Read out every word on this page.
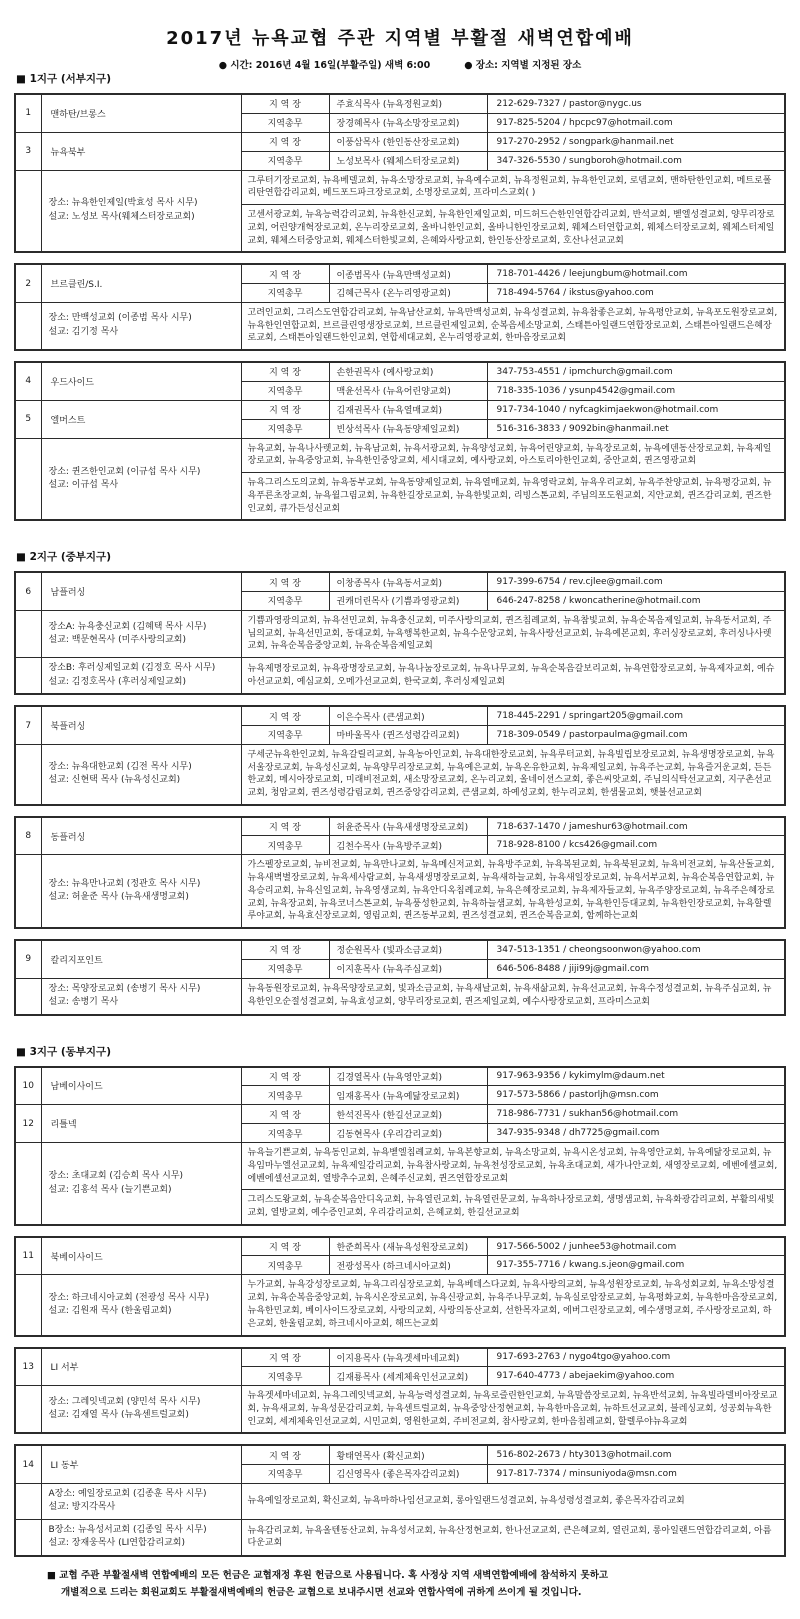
2017년 뉴욕교협 주관 지역별 부활절 새벽연합예배
● 시간: 2016년 4월 16일(부활주일) 새벽 6:00	● 장소: 지역별 지정된 장소
■ 1지구 (서부지구)
1	맨하탄/브롱스	지 역 장	주효식목사 (뉴욕정원교회)	212-629-7327 / pastor@nygc.us
		지역총무	장경혜목사 (뉴욕소망장로교회)	917-825-5204 / hpcpc97@hotmail.com
3	뉴욕북부	지 역 장	이풍삼목사 (한인동산장로교회)	917-270-2952 / songpark@hanmail.net
		지역총무	노성보목사 (웨체스터장로교회)	347-326-5530 / sungboroh@hotmail.com

	장소: 뉴욕한인제일(박효성 목사 시무)
설교: 노성보 목사(웨체스터장로교회)	그루터기장로교회, 뉴욕베델교회, 뉴욕소망장로교회, 뉴욕예수교회, 뉴욕정원교회, 뉴욕한인교회, 로뎀교회, 맨하탄한인교회, 메트로폴리탄연합감리교회, 베드포드파크장로교회, 소명장로교회, 프라미스교회( )		
		고센서광교회, 뉴욕능력감리교회, 뉴욕한신교회, 뉴욕한인제일교회, 미드허드슨한인연합감리교회, 반석교회, 벧엘성결교회, 양무리장로교회, 어린양개혁장로교회, 온누리장로교회, 올바니한인교회, 올바니한인장로교회, 웨체스터연합교회, 웨체스터장로교회, 웨체스터제일교회, 웨체스터중앙교회, 웨체스터한빛교회, 은혜와사랑교회, 한인동산장로교회, 호산나선교교회		
2	브르클린/S.I.	지 역 장	이종범목사 (뉴욕만백성교회)	718-701-4426 / leejungbum@hotmail.com
		지역총무	김혜근목사 (온누리영광교회)	718-494-5764 / ikstus@yahoo.com

	장소: 만백성교회 (이종범 목사 시무)
설교: 김기정 목사	고려인교회, 그리스도연합감리교회, 뉴욕남산교회, 뉴욕만백성교회, 뉴욕성결교회, 뉴욕참좋은교회, 뉴욕평안교회, 뉴욕포도원장로교회, 뉴욕한인연합교회, 브르클린영생장로교회, 브르클린제일교회, 순복음세소망교회, 스태튼아일랜드연합장로교회, 스태튼아일랜드은혜장로교회, 스태튼아일랜드한인교회, 연합세대교회, 온누리영광교회, 한마음장로교회		
4	우드사이드	지 역 장	손한권목사 (예사랑교회)	347-753-4551 / ipmchurch@gmail.com
		지역총무	맥윤선목사 (뉴욕어린양교회)	718-335-1036 / ysunp4542@gmail.com
5	엘머스트	지 역 장	김재권목사 (뉴욕열매교회)	917-734-1040 / nyfcagkimjaekwon@hotmail.com
		지역총무	빈상석목사 (뉴욕동양제일교회)	516-316-3833 / 9092bin@hanmail.net

	장소: 퀸즈한인교회 (이규섭 목사 시무)
설교: 이규섭 목사	뉴욕교회, 뉴욕나사렛교회, 뉴욕남교회, 뉴욕서광교회, 뉴욕양성교회, 뉴욕어린양교회, 뉴욕장로교회, 뉴욕에덴동산장로교회, 뉴욕제일장로교회, 뉴욕중앙교회, 뉴욕한인중앙교회, 세시대교회, 예사랑교회, 아스토리아한인교회, 중안교회, 퀸즈영광교회		
		뉴욕그리스도의교회, 뉴욕동부교회, 뉴욕동양제일교회, 뉴욕열매교회, 뉴욕영락교회, 뉴욕우리교회, 뉴욕주찬양교회, 뉴욕평강교회, 뉴욕푸른초장교회, 뉴욕윌그림교회, 뉴욕한길장로교회, 뉴욕한빛교회, 리빙스톤교회, 주님의포도원교회, 지안교회, 퀸즈감리교회, 퀸즈한인교회, 큐가든성신교회		
■ 2지구 (중부지구)
6	남플러싱	지 역 장	이창종목사 (뉴욕동서교회)	917-399-6754 / rev.cjlee@gmail.com
		지역총무	권캐더린목사 (기쁨과영광교회)	646-247-8258 / kwoncatherine@hotmail.com

	장소A: 뉴욕충신교회 (김혜택 목사 시무)
설교: 백문현목사 (미주사랑의교회)	기쁨과영광의교회, 뉴욕선민교회, 뉴욕충신교회, 미주사랑의교회, 퀸즈침례교회, 뉴욕참빛교회, 뉴욕순복음제일교회, 뉴욕동서교회, 주님의교회, 뉴욕선민교회, 동대교회, 뉴욕행복한교회, 뉴욕수문앙교회, 뉴욕사랑선교교회, 뉴욕예본교회, 후러싱장로교회, 후러싱나사렛교회, 뉴욕순복음중앙교회, 뉴욕순복음제일교회		

	장소B: 후러싱제일교회 (김정호 목사 시무)
설교: 김정호목사 (후러싱제일교회)	뉴욕제명장로교회, 뉴욕광명장로교회, 뉴욕나눔장로교회, 뉴욕나무교회, 뉴욕순복음갈보리교회, 뉴욕연합장로교회, 뉴욕제자교회, 예슈아선교교회, 예심교회, 오메가선교교회, 한국교회, 후러싱제일교회		
7	북플러싱	지 역 장	이은수목사 (큰샘교회)	718-445-2291 / springart205@gmail.com
		지역총무	마바울목사 (퀸즈성령감리교회)	718-309-0549 / pastorpaulma@gmail.com

	장소: 뉴욕대한교회 (김전 목사 시무)
설교: 신현택 목사 (뉴욕성신교회)	구세군뉴욕한인교회, 뉴욕갈릴리교회, 뉴욕농아인교회, 뉴욕대한장로교회, 뉴욕루터교회, 뉴욕빌립보장로교회, 뉴욕생명장로교회, 뉴욕서울장로교회, 뉴욕성신교회, 뉴욕양무리장로교회, 뉴욕예은교회, 뉴욕온유한교회, 뉴욕제일교회, 뉴욕주는교회, 뉴욕즐거운교회, 든든한교회, 메시아장로교회, 미래비전교회, 새소망장로교회, 온누리교회, 올네이션스교회, 좋은씨앗교회, 주님의식탁선교교회, 지구촌선교교회, 청암교회, 퀸즈성령감림교회, 퀸즈중앙감리교회, 큰샘교회, 하예성교회, 한누리교회, 한샘물교회, 햇불선교교회		
8	동플러싱	지 역 장	허윤준목사 (뉴욕새생명장로교회)	718-637-1470 / jameshur63@hotmail.com
		지역총무	김천수목사 (뉴욕방주교회)	718-928-8100 / kcs426@gmail.com

	장소: 뉴욕만나교회 (정관호 목사 시무)
설교: 허윤준 목사 (뉴욕새생명교회)	가스펠장로교회, 뉴비전교회, 뉴욕만나교회, 뉴욕메신저교회, 뉴욕방주교회, 뉴욕복된교회, 뉴욕북된교회, 뉴욕비전교회, 뉴욕산돌교회, 뉴욕새벽별장로교회, 뉴욕세사람교회, 뉴욕새생명장로교회, 뉴욕새하늘교회, 뉴욕새일장로교회, 뉴욕서부교회, 뉴욕순복음연합교회, 뉴욕승리교회, 뉴욕신일교회, 뉴욕영생교회, 뉴욕안디옥침례교회, 뉴욕은혜장로교회, 뉴욕제자들교회, 뉴욕주양장로교회, 뉴욕주은혜장로교회, 뉴욕장교회, 뉴욕코너스톤교회, 뉴욕풍성한교회, 뉴욕하늘샘교회, 뉴욕한성교회, 뉴욕한인등대교회, 뉴욕한인장로교회, 뉴욕할렐루야교회, 뉴욕효신장로교회, 영림교회, 퀸즈동부교회, 퀸즈성결교회, 퀸즈순복음교회, 함께하는교회		
9	칼리지포인트	지 역 장	정순원목사 (빛과소금교회)	347-513-1351 / cheongsoonwon@yahoo.com
		지역총무	이지훈목사 (뉴욕주심교회)	646-506-8488 / jiji99j@gmail.com

	장소: 목양장로교회 (송병기 목사 시무)
설교: 송병기 목사	뉴욕동원장로교회, 뉴욕목양장로교회, 빛과소금교회, 뉴욕새날교회, 뉴욕새삶교회, 뉴욕선교교회, 뉴욕수정성결교회, 뉴욕주심교회, 뉴욕한인오순절성결교회, 뉴욕효성교회, 양무리장로교회, 퀸즈제일교회, 예수사랑장로교회, 프라미스교회		
■ 3지구 (동부지구)
10	남베이사이드	지 역 장	김경열목사 (뉴욕영안교회)	917-963-9356 / kykimylm@daum.net
		지역총무	임재홍목사 (뉴욕예닮장로교회)	917-573-5866 / pastorljh@msn.com
12	리틀넥	지 역 장	한석진목사 (한길선교교회)	718-986-7731 / sukhan56@hotmail.com
		지역총무	김동현목사 (우리감리교회)	347-935-9348 / dh7725@gmail.com

	장소: 초대교회 (김승희 목사 시무)
설교: 김홍석 목사 (늘기쁜교회)	뉴욕늘기쁜교회, 뉴욕동인교회, 뉴욕벧엘침례교회, 뉴욕본향교회, 뉴욕소망교회, 뉴욕시온성교회, 뉴욕영안교회, 뉴욕예닮장로교회, 뉴욕임마누엘선교교회, 뉴욕제일감리교회, 뉴욕참사랑교회, 뉴욕천성장로교회, 뉴욕초대교회, 새가나안교회, 새영장로교회, 에벤에셀교회, 에벤에셀선교교회, 열방추수교회, 은혜주신교회, 퀸즈연합장로교회		
		그리스도왕교회, 뉴욕순복음안디옥교회, 뉴욕열린교회, 뉴욕열린문교회, 뉴욕하나장로교회, 생명샘교회, 뉴욕화광감리교회, 부활의새빛교회, 열방교회, 예수증인교회, 우리감리교회, 은혜교회, 한길선교교회		
11	북베이사이드	지 역 장	한준희목사 (새뉴욕성원장로교회)	917-566-5002 / junhee53@hotmail.com
		지역총무	전광성목사 (하크네시아교회)	917-355-7716 / kwang.s.jeon@gmail.com

	장소: 하크네시아교회 (전광성 목사 시무)
설교: 김원재 목사 (한울림교회)	누가교회, 뉴욕강성장로교회, 뉴욕그리심장로교회, 뉴욕베데스다교회, 뉴욕사랑의교회, 뉴욕성원장로교회, 뉴욕성회교회, 뉴욕소망성결교회, 뉴욕순복음중앙교회, 뉴욕시온장로교회, 뉴욕신광교회, 뉴욕주나무교회, 뉴욕실로암장로교회, 뉴욕평화교회, 뉴욕한마음장로교회, 뉴욕한민교회, 베이사이드장로교회, 사랑의교회, 사랑의동산교회, 선한목자교회, 에버그린장로교회, 예수생명교회, 주사랑장로교회, 하은교회, 한울림교회, 하크네시아교회, 해뜨는교회		
13	LI 서부	지 역 장	이지용목사 (뉴욕겟세마네교회)	917-693-2763 / nygo4tgo@yahoo.com
		지역총무	김재룡목사 (세계체육인선교교회)	917-640-4773 / abejaekim@yahoo.com

	장소: 그레잇넥교회 (양민석 목사 시무)
설교: 김재열 목사 (뉴욕센트럴교회)	뉴욕겟세마네교회, 뉴욕그레잇넥교회, 뉴욕능력성결교회, 뉴욕로즐린한인교회, 뉴욕말씀장로교회, 뉴욕반석교회, 뉴욕빌라델비아장로교회, 뉴욕새교회, 뉴욕성문감리교회, 뉴욕센트럴교회, 뉴욕중앙산정현교회, 뉴욕한마음교회, 뉴하트선교교회, 블레싱교회, 성공회뉴욕한인교회, 세계체육인선교교회, 시민교회, 영원한교회, 주비전교회, 참사랑교회, 한마음침례교회, 할렐루야뉴욕교회		
14	LI 동부	지 역 장	황태연목사 (확신교회)	516-802-2673 / hty3013@hotmail.com
		지역총무	김신영목사 (좋은목자감리교회)	917-817-7374 / minsuniyoda@msn.com

	A장소: 예일장로교회 (김종훈 목사 시무)
설교: 방지각목사	뉴욕예일장로교회, 확신교회, 뉴욕마하나임선교교회, 롱아일랜드성결교회, 뉴욕성령성결교회, 좋은목자감리교회		

	B장소: 뉴욕성서교회 (김종일 목사 시무)
설교: 장재웅목사 (LI연합감리교회)	뉴욕감리교회, 뉴욕올텐동산교회, 뉴욕성서교회, 뉴욕산정현교회, 한나선교교회, 큰은혜교회, 열린교회, 롱아일랜드연합감리교회, 아름다운교회		
■ 교협 주관 부활절새벽 연합예배의 모든 헌금은 교협재정 후원 헌금으로 사용됩니다. 혹 사정상 지역 새벽연합예배에 참석하지 못하고
개별적으로 드리는 회원교회도 부활절새벽예배의 헌금은 교협으로 보내주시면 선교와 연합사역에 귀하게 쓰이게 될 것입니다.
